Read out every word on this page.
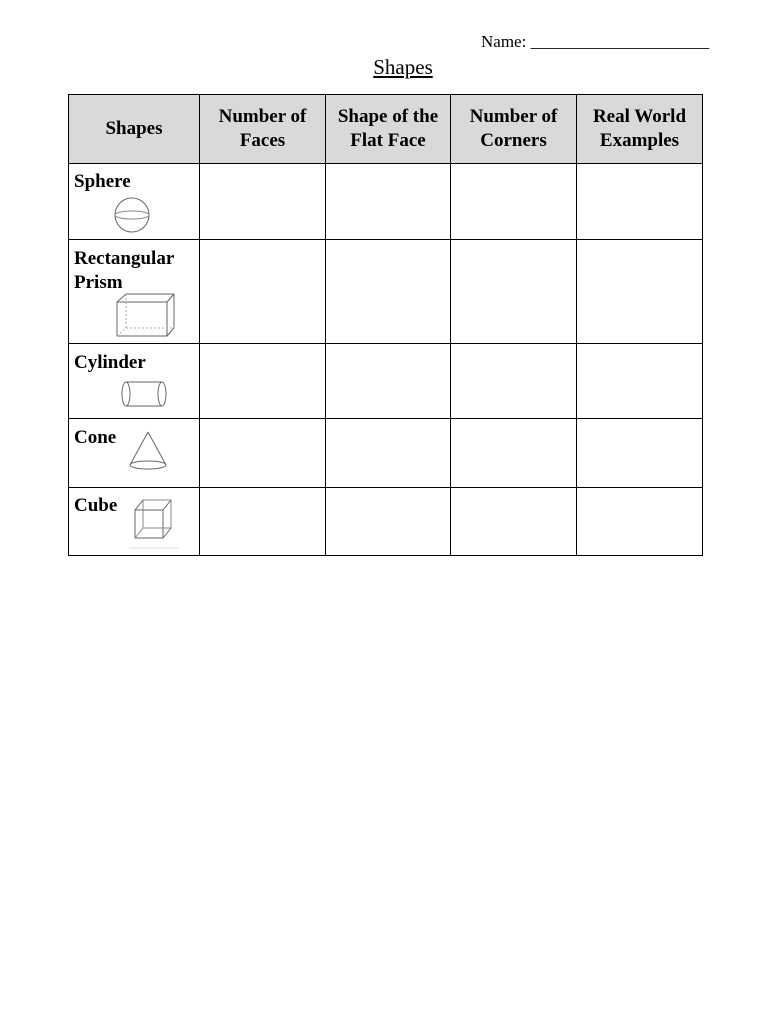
Name: _____________________
Shapes
Shapes	Number of Faces	Shape of the Flat Face	Number of Corners	Real World Examples

Sphere				

Rectangular Prism				

Cylinder				

Cone				

Cube				
